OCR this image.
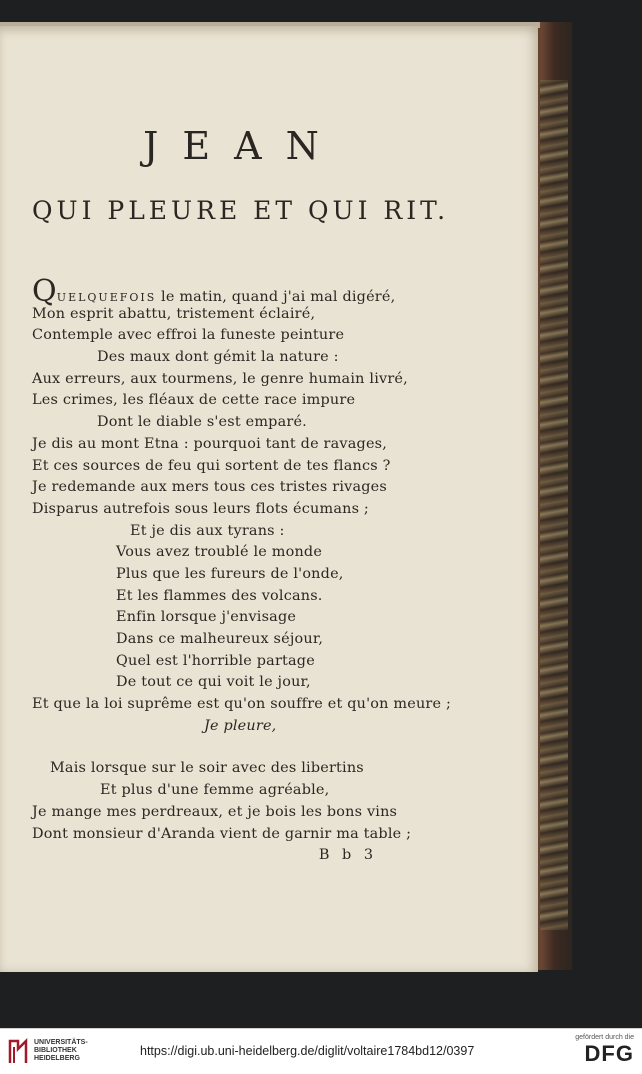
JEAN
QUI PLEURE ET QUI RIT.
QUELQUEFOIS le matin, quand j'ai mal digéré,
Mon esprit abattu, tristement éclairé,
Contemple avec effroi la funeste peinture
Des maux dont gémit la nature :
Aux erreurs, aux tourmens, le genre humain livré,
Les crimes, les fléaux de cette race impure
Dont le diable s'est emparé.
Je dis au mont Etna : pourquoi tant de ravages,
Et ces sources de feu qui sortent de tes flancs ?
Je redemande aux mers tous ces tristes rivages
Disparus autrefois sous leurs flots écumans ;
Et je dis aux tyrans :
Vous avez troublé le monde
Plus que les fureurs de l'onde,
Et les flammes des volcans.
Enfin lorsque j'envisage
Dans ce malheureux séjour,
Quel est l'horrible partage
De tout ce qui voit le jour,
Et que la loi suprême est qu'on souffre et qu'on meure ;
Je pleure,
Mais lorsque sur le soir avec des libertins
Et plus d'une femme agréable,
Je mange mes perdreaux, et je bois les bons vins
Dont monsieur d'Aranda vient de garnir ma table ;
B b 3
UNIVERSITÄTS-
BIBLIOTHEK
HEIDELBERG
https://digi.ub.uni-heidelberg.de/diglit/voltaire1784bd12/0397
gefördert durch die
DFG
